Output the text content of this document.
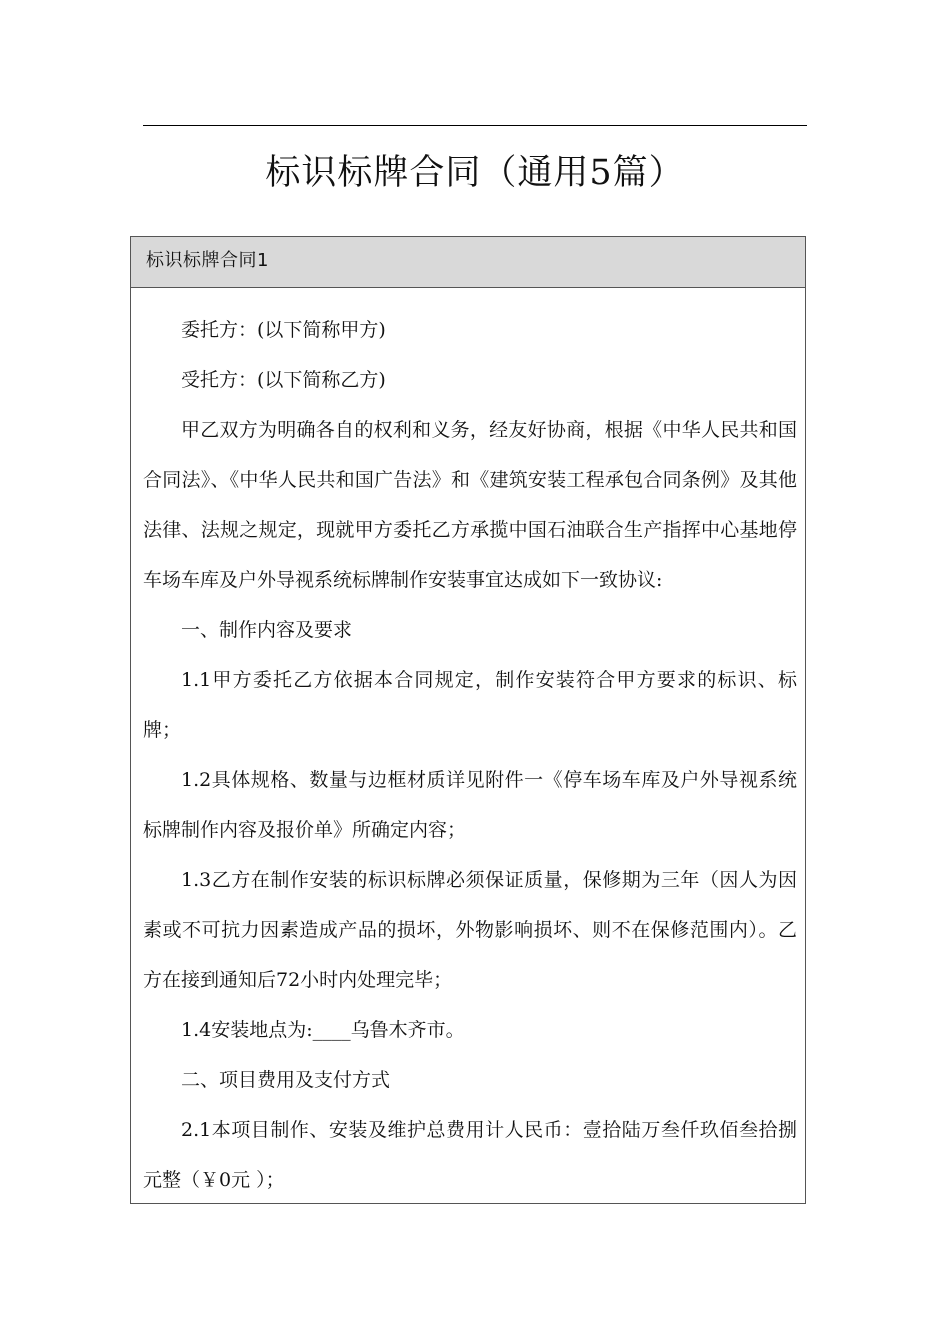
标识标牌合同（通用5篇）
标识标牌合同1

委托方：(以下简称甲方)

受托方：(以下简称乙方)

甲乙双方为明确各自的权利和义务，经友好协商，根据《中华人民共和国合同法》、《中华人民共和国广告法》和《建筑安装工程承包合同条例》及其他法律、法规之规定，现就甲方委托乙方承揽中国石油联合生产指挥中心基地停车场车库及户外导视系统标牌制作安装事宜达成如下一致协议:

一、制作内容及要求

1.1甲方委托乙方依据本合同规定，制作安装符合甲方要求的标识、标牌；

1.2具体规格、数量与边框材质详见附件一《停车场车库及户外导视系统标牌制作内容及报价单》所确定内容；

1.3乙方在制作安装的标识标牌必须保证质量，保修期为三年（因人为因素或不可抗力因素造成产品的损坏，外物影响损坏、则不在保修范围内）。乙方在接到通知后72小时内处理完毕；

1.4安装地点为:____乌鲁木齐市。

二、项目费用及支付方式

2.1本项目制作、安装及维护总费用计人民币：壹拾陆万叁仟玖佰叁拾捌元整（￥0元 ）；
